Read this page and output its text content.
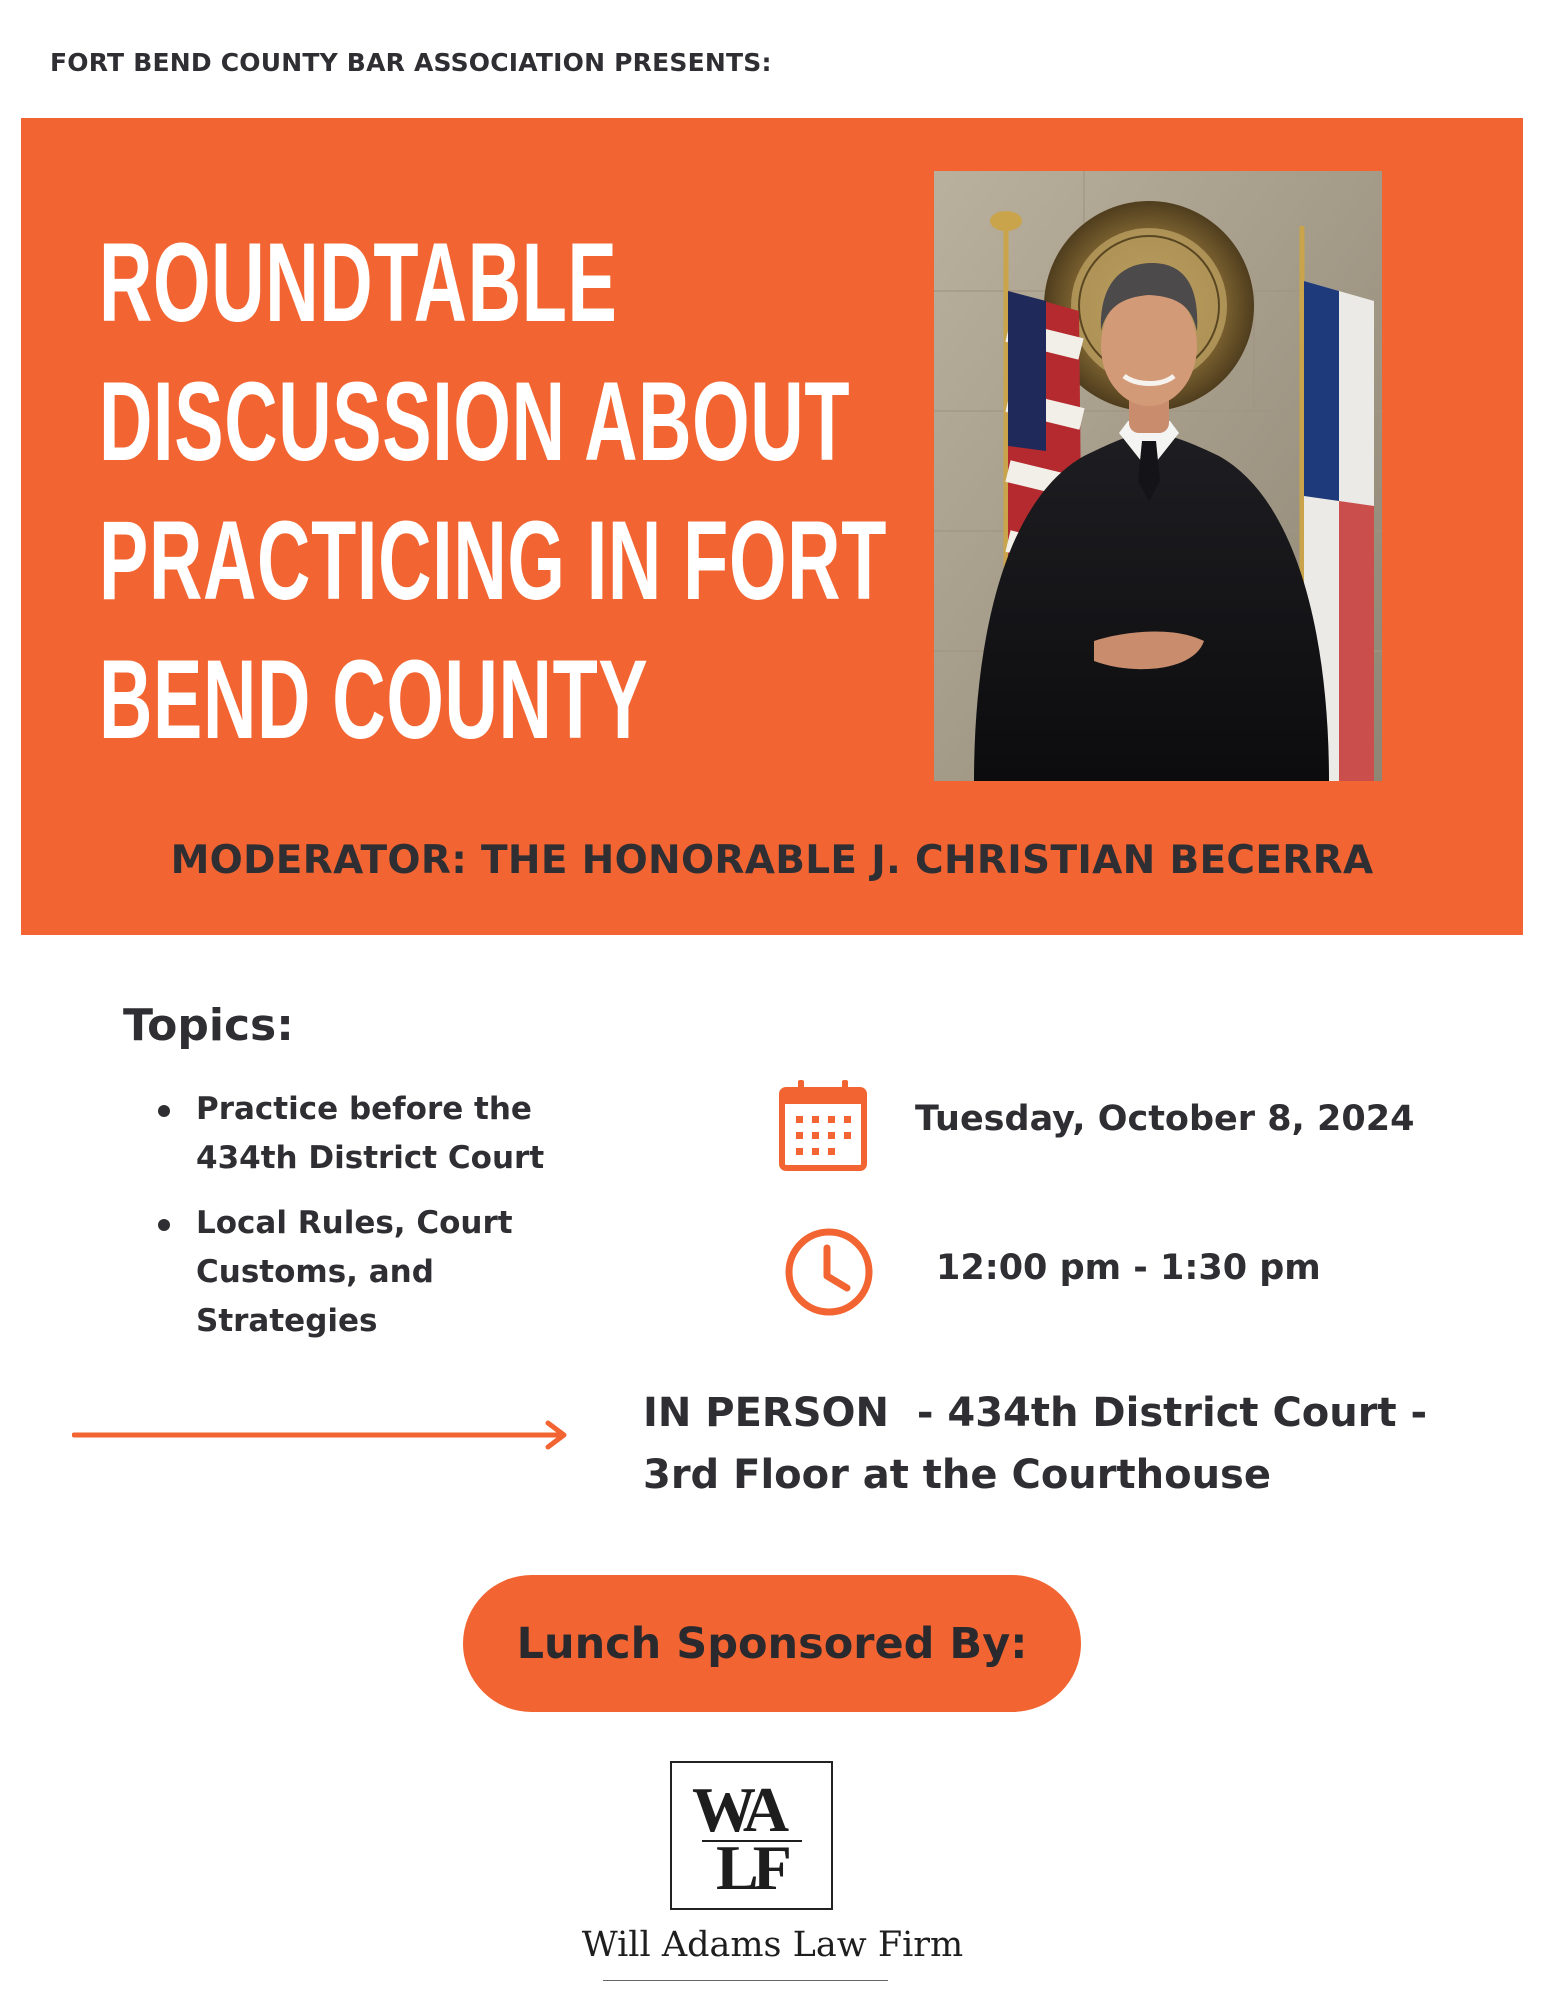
FORT BEND COUNTY BAR ASSOCIATION PRESENTS:
ROUNDTABLE
DISCUSSION ABOUT
PRACTICING IN FORT
BEND COUNTY
MODERATOR: THE HONORABLE J. CHRISTIAN BECERRA
Topics:
Practice before the 434th District Court
Local Rules, Court Customs, and Strategies
Tuesday, October 8, 2024
12:00 pm - 1:30 pm
IN PERSON  - 434th District Court -
3rd Floor at the Courthouse
Lunch Sponsored By:
WA
LF
Will Adams Law Firm
